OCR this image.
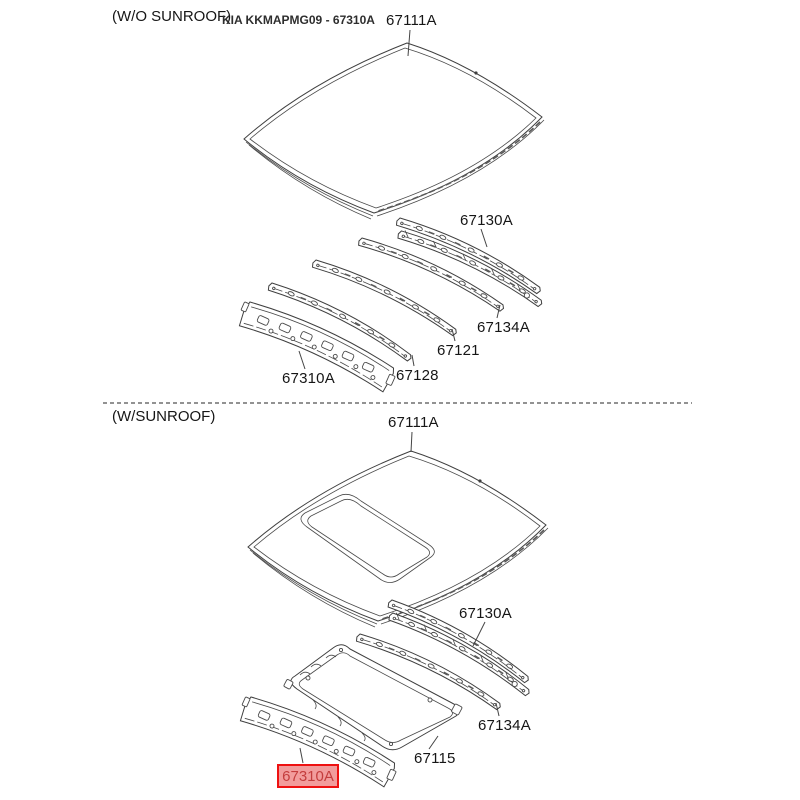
(W/O SUNROOF)
KIA KKMAPMG09 - 67310A 67111A
67130A
67134A
67121
67128
67310A
(W/SUNROOF)	67111A
67130A
67134A
67115
67310A
